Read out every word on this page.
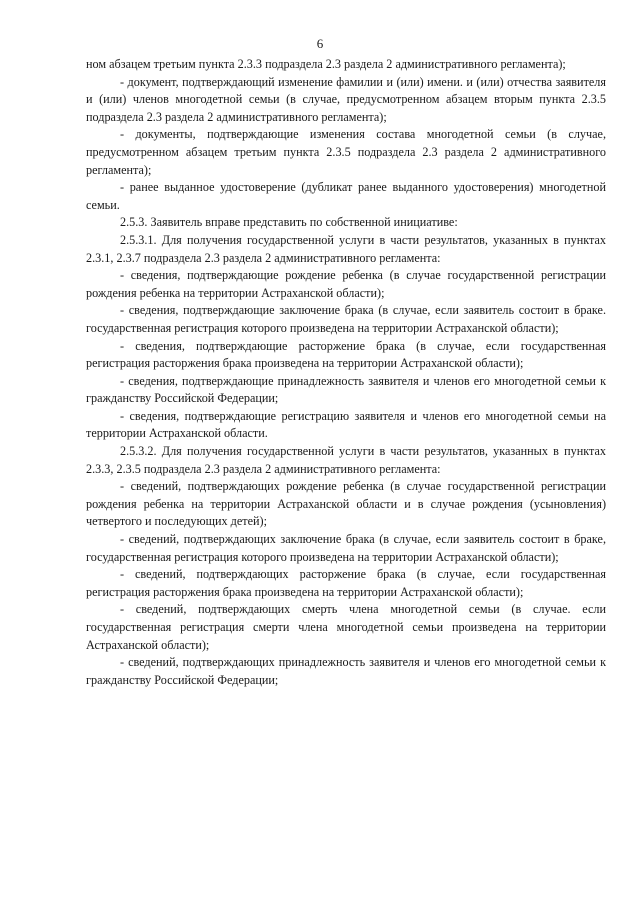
6

ном абзацем третьим пункта 2.3.3 подраздела 2.3 раздела 2 административного регламента);

- документ, подтверждающий изменение фамилии и (или) имени. и (или) отчества заявителя и (или) членов многодетной семьи (в случае, предусмотренном абзацем вторым пункта 2.3.5 подраздела 2.3 раздела 2 административного регламента);

- документы, подтверждающие изменения состава многодетной семьи (в случае, предусмотренном абзацем третьим пункта 2.3.5 подраздела 2.3 раздела 2 административного регламента);

- ранее выданное удостоверение (дубликат ранее выданного удостоверения) многодетной семьи.

2.5.3. Заявитель вправе представить по собственной инициативе:

2.5.3.1. Для получения государственной услуги в части результатов, указанных в пунктах 2.3.1, 2.3.7 подраздела 2.3 раздела 2 административного регламента:

- сведения, подтверждающие рождение ребенка (в случае государственной регистрации рождения ребенка на территории Астраханской области);

- сведения, подтверждающие заключение брака (в случае, если заявитель состоит в браке. государственная регистрация которого произведена на территории Астраханской области);

- сведения, подтверждающие расторжение брака (в случае, если государственная регистрация расторжения брака произведена на территории Астраханской области);

- сведения, подтверждающие принадлежность заявителя и членов его многодетной семьи к гражданству Российской Федерации;

- сведения, подтверждающие регистрацию заявителя и членов его многодетной семьи на территории Астраханской области.

2.5.3.2. Для получения государственной услуги в части результатов, указанных в пунктах 2.3.3, 2.3.5 подраздела 2.3 раздела 2 административного регламента:

- сведений, подтверждающих рождение ребенка (в случае государственной регистрации рождения ребенка на территории Астраханской области и в случае рождения (усыновления) четвертого и последующих детей);

- сведений, подтверждающих заключение брака (в случае, если заявитель состоит в браке, государственная регистрация которого произведена на территории Астраханской области);

- сведений, подтверждающих расторжение брака (в случае, если государственная регистрация расторжения брака произведена на территории Астраханской области);

- сведений, подтверждающих смерть члена многодетной семьи (в случае. если государственная регистрация смерти члена многодетной семьи произведена на территории Астраханской области);

- сведений, подтверждающих принадлежность заявителя и членов его многодетной семьи к гражданству Российской Федерации;
